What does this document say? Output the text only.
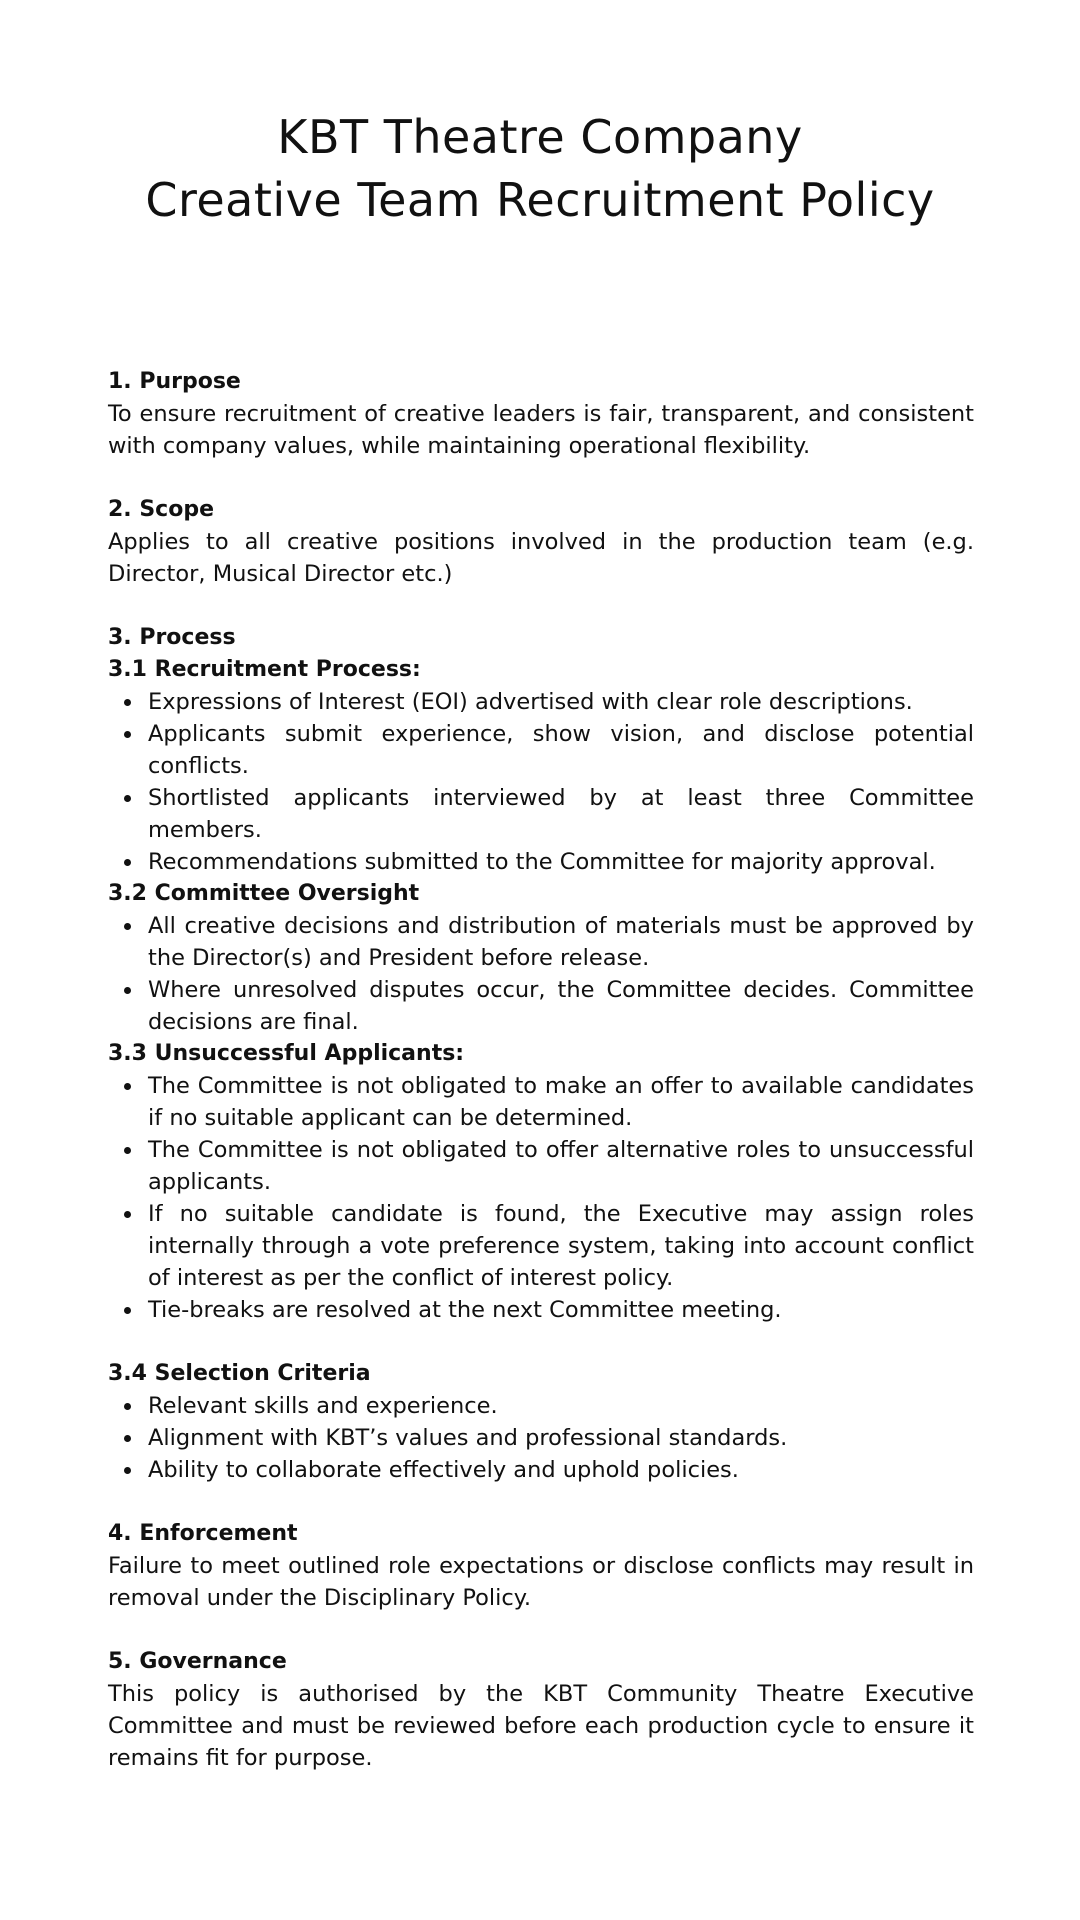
KBT Theatre Company
Creative Team Recruitment Policy
1. Purpose
To ensure recruitment of creative leaders is fair, transparent, and consistent with company values, while maintaining operational flexibility.
2. Scope
Applies to all creative positions involved in the production team (e.g. Director, Musical Director etc.)
3. Process
3.1 Recruitment Process:
Expressions of Interest (EOI) advertised with clear role descriptions.
Applicants submit experience, show vision, and disclose potential conflicts.
Shortlisted applicants interviewed by at least three Committee members.
Recommendations submitted to the Committee for majority approval.
3.2 Committee Oversight
All creative decisions and distribution of materials must be approved by the Director(s) and President before release.
Where unresolved disputes occur, the Committee decides. Committee decisions are final.
3.3 Unsuccessful Applicants:
The Committee is not obligated to make an offer to available candidates if no suitable applicant can be determined.
The Committee is not obligated to offer alternative roles to unsuccessful applicants.
If no suitable candidate is found, the Executive may assign roles internally through a vote preference system, taking into account conflict of interest as per the conflict of interest policy.
Tie-breaks are resolved at the next Committee meeting.
3.4 Selection Criteria
Relevant skills and experience.
Alignment with KBT’s values and professional standards.
Ability to collaborate effectively and uphold policies.
4. Enforcement
Failure to meet outlined role expectations or disclose conflicts may result in removal under the Disciplinary Policy.
5. Governance
This policy is authorised by the KBT Community Theatre Executive Committee and must be reviewed before each production cycle to ensure it remains fit for purpose.
